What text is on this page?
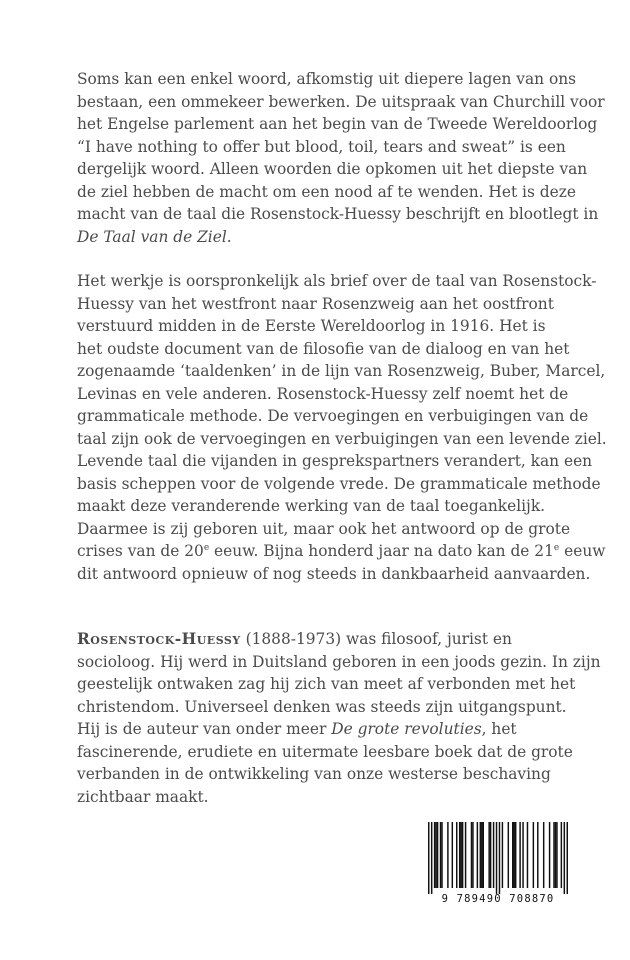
Soms kan een enkel woord, afkomstig uit diepere lagen van ons
bestaan, een ommekeer bewerken. De uitspraak van Churchill voor
het Engelse parlement aan het begin van de Tweede Wereldoorlog
“I have nothing to offer but blood, toil, tears and sweat” is een
dergelijk woord. Alleen woorden die opkomen uit het diepste van
de ziel hebben de macht om een nood af te wenden. Het is deze
macht van de taal die Rosenstock-Huessy beschrijft en blootlegt in
De Taal van de Ziel.
Het werkje is oorspronkelijk als brief over de taal van Rosenstock-
Huessy van het westfront naar Rosenzweig aan het oostfront
verstuurd midden in de Eerste Wereldoorlog in 1916. Het is
het oudste document van de filosofie van de dialoog en van het
zogenaamde ‘taaldenken’ in de lijn van Rosenzweig, Buber, Marcel,
Levinas en vele anderen. Rosenstock-Huessy zelf noemt het de
grammaticale methode. De vervoegingen en verbuigingen van de
taal zijn ook de vervoegingen en verbuigingen van een levende ziel.
Levende taal die vijanden in gesprekspartners verandert, kan een
basis scheppen voor de volgende vrede. De grammaticale methode
maakt deze veranderende werking van de taal toegankelijk.
Daarmee is zij geboren uit, maar ook het antwoord op de grote
crises van de 20e eeuw. Bijna honderd jaar na dato kan de 21e eeuw
dit antwoord opnieuw of nog steeds in dankbaarheid aanvaarden.
Rosenstock-Huessy (1888-1973) was filosoof, jurist en
socioloog. Hij werd in Duitsland geboren in een joods gezin. In zijn
geestelijk ontwaken zag hij zich van meet af verbonden met het
christendom. Universeel denken was steeds zijn uitgangspunt.
Hij is de auteur van onder meer De grote revoluties, het
fascinerende, erudiete en uitermate leesbare boek dat de grote
verbanden in de ontwikkeling van onze westerse beschaving
zichtbaar maakt.
9 789490 708870
